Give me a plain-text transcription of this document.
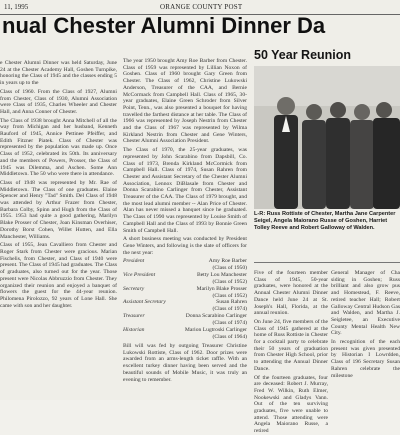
11, 1995	ORANGE COUNTY POST
nual Chester Alumni Dinner Da
50 Year Reunion

e Chester Alumni Dinner was held Saturday, June 24 at the Chester Academy Hall, Goshen Turnpike, honoring the Class of 1945 and the classes ending 5 in years up to the

Class of 1960. From the Class of 1927, Alumni from Chester, Class of 1930, Alumni Association were Class of 1935, Charles Wheeler and Chester Hall, and Anna Conner of Chester.

The Class of 1938 brought Anna Mitchell of all the way from Michigan and her husband, Kenneth Rauford of 1945, Annice Pettinee Pfeiffer, and Edith Fitzner Piatek. Class of Chester was represented by the population was made up. Once Class of 1952, celebrated its 50th. Its anniversary and the members of Powers, Prosser, the Class of 1945 was Dilemma, and Aschen. Some Ann Middletown. The 50 who were there in attendance.

Class of 1948 was represented by Mr. Rae of Middletown. The Class of one graduates. Elaine Spencer and Henry "Tad" Smith. Del Class of 1948 was attended by Arthur Frazer from Chester, Barbara Colby, Spinn and Hugh from the Class of 1955. 1953 had quite a good gathering, Marilyn Blake Prosser of Chester, Joan Kinsman Overhiser, Dorothy Borst Cohen, Willet Hutten, and Ella Manchester, Williams.

Class of 1955, Jean Cavalliero from Chester and Roger Stark from Chester were gracious. Marian Fischelis, from Chester, and Class of 1940 were present. The Class of 1945 had graduates. The Class of graduates, also turned out for the year. Those present were Nicolas Abbruzzio from Chester. They organized their reunion and enjoyed a banquet of flowers the guest for the 44-year reunion. Philomena Pirolozzo, 92 years of Lone Hall. She came with son and her daughter.

The year 1950 brought Amy Roe Barber from Chester. Class of 1959 was represented by Lillian Noxon of Goshen. Class of 1960 brought Gary Green from Chester. The Class of 1962, Christine Lukowski Anderson, Treasurer of the CAA, and Bernie McCormack from Campbell Hall. Class of 1965, 30-year graduates, Elaine Green Schroder from Silver Point, Tenn., was also presented a bouquet for having travelled the farthest distance at her table. The Class of 1966 was represented by Joseph Nestrin from Chester and the Class of 1967 was represented by Wilma Kirkland Nestrin from Chester and Gene Winters, Chester Alumni Association President.

The Class of 1970, the 25-year graduates, was represented by John Scarabino from Dapsbill, Co. Class of 1973, Brenda Kirkland McCormick from Campbell Hall. Class of 1974, Susan Rahren from Chester and Assistant Secretary of the Chester Alumni Association, Lennox DiBlasale from Chester and Donna Scarabino Carlinger from Chester, Assistant Treasurer of the CAA. The Class of 1979 brought, and the most lead alumni member -- Alan Price of Chester. Alan has never missed a banquet since he graduated. The Class of 1990 was represented by Louise Smith of Campbell Hall and the Class of 1993 by Bonnie Green Smith of Campbell Hall.

A short business meeting was conducted by President Gene Winters, and following is the slate of officers for the next year:

President	Amy Roe Barber
(Class of 1950)
Vice President	Betty Lou Manchester
(Class of 1952)
Secretary	Marilyn Blake Prosser
(Class of 1952)
Assistant Secretary	Susan Rahren
(Class of 1974)
Treasurer	Donna Scarabino Carlinger
(Class of 1974)
Historian	Marion Lugtroski Carlinger
(Class of 1964)

Bill will was fed by outgoing Treasurer Christine Lukowski Rottiste, Class of 1962. Door prizes were awarded from an arms-length ticket raffle. With an excellent turkey dinner having been served and the beautiful sounds of Mobile Music, it was truly an evening to remember.

L-R: Russ Rottiste of Chester, Martha Jane Carpenter Seigel, Angela Maiorano Russe of Goshen, Harriet Tolley Reeve and Robert Galloway of Walden.

Five of the fourteen member Class of 1945, 50-year graduates, were honored at the Annual Chester Alumni Dinner Dance held June 24 at St. Joseph's Hall, Florida, at the annual reunion.

On June 24, five members of the Class of 1945 gathered at the home of Russ Rottiste in Chester for a cocktail party to celebrate their 50 years of graduation from Chester High School, prior to attending the Annual Dinner Dance.

Of the fourteen graduates, four are deceased: Robert J. Murray, Fred W. Wilkin, Ruth Elmer, Nookewski and Gladys Vann. Out of the ten surviving graduates, five were unable to attend. Those attending were Angela Maiorano Russe, a retired

General Manager of Cha siding in Goshen; Russ brilliant and also grow pus and Homestead, F. Reeve, retired teacher Hall; Robert Galloway Central Hudson Gas and Walden, and Martha J. Seigletee, an Executive County Mental Health New City.

In recognition of the each present was given presented by Historian I Lowrdden, Class of 196 Secretary Susan Rahren celebrate the milestone
